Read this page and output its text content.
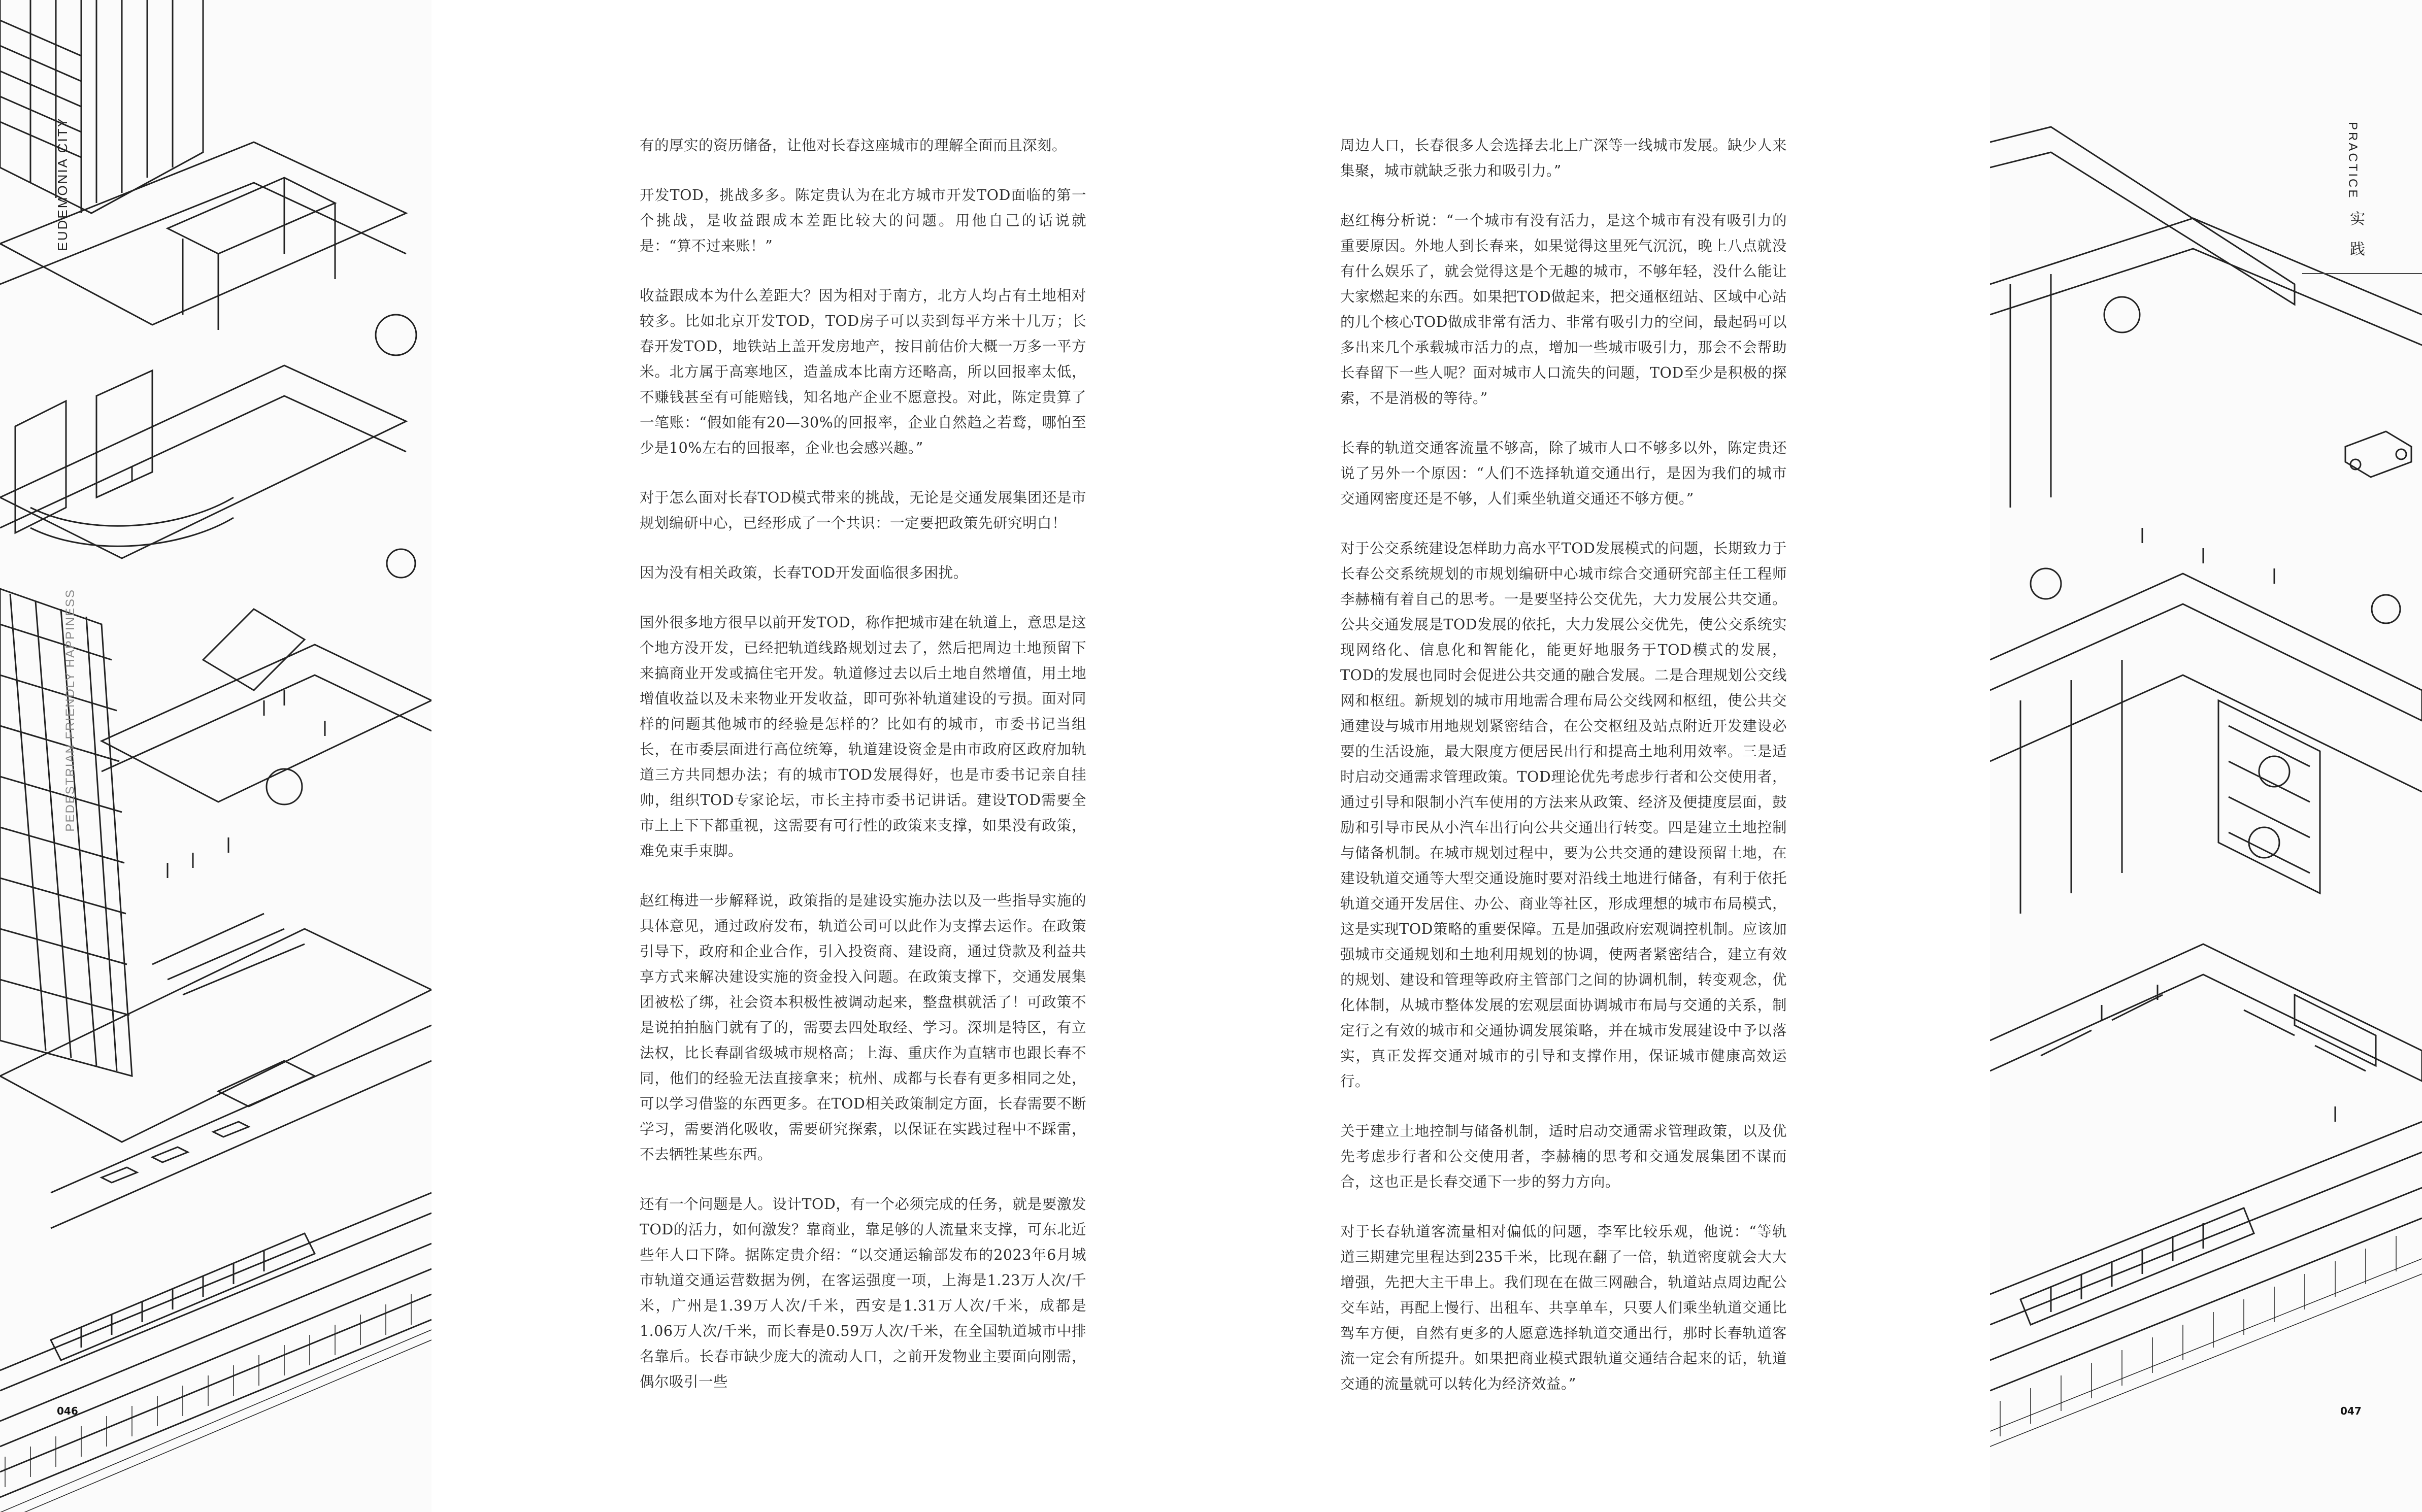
EUDEMONIA CITY
PEDESTRIAN FRIENDLY HAPPINESS
046

有的厚实的资历储备，让他对长春这座城市的理解全面而且深刻。

开发TOD，挑战多多。陈定贵认为在北方城市开发TOD面临的第一个挑战，是收益跟成本差距比较大的问题。用他自己的话说就是：“算不过来账！”

收益跟成本为什么差距大？因为相对于南方，北方人均占有土地相对较多。比如北京开发TOD，TOD房子可以卖到每平方米十几万；长春开发TOD，地铁站上盖开发房地产，按目前估价大概一万多一平方米。北方属于高寒地区，造盖成本比南方还略高，所以回报率太低，不赚钱甚至有可能赔钱，知名地产企业不愿意投。对此，陈定贵算了一笔账：“假如能有20—30%的回报率，企业自然趋之若鹜，哪怕至少是10%左右的回报率，企业也会感兴趣。”

对于怎么面对长春TOD模式带来的挑战，无论是交通发展集团还是市规划编研中心，已经形成了一个共识：一定要把政策先研究明白！

因为没有相关政策，长春TOD开发面临很多困扰。

国外很多地方很早以前开发TOD，称作把城市建在轨道上，意思是这个地方没开发，已经把轨道线路规划过去了，然后把周边土地预留下来搞商业开发或搞住宅开发。轨道修过去以后土地自然增值，用土地增值收益以及未来物业开发收益，即可弥补轨道建设的亏损。面对同样的问题其他城市的经验是怎样的？比如有的城市，市委书记当组长，在市委层面进行高位统筹，轨道建设资金是由市政府区政府加轨道三方共同想办法；有的城市TOD发展得好，也是市委书记亲自挂帅，组织TOD专家论坛，市长主持市委书记讲话。建设TOD需要全市上上下下都重视，这需要有可行性的政策来支撑，如果没有政策，难免束手束脚。

赵红梅进一步解释说，政策指的是建设实施办法以及一些指导实施的具体意见，通过政府发布，轨道公司可以此作为支撑去运作。在政策引导下，政府和企业合作，引入投资商、建设商，通过贷款及利益共享方式来解决建设实施的资金投入问题。在政策支撑下，交通发展集团被松了绑，社会资本积极性被调动起来，整盘棋就活了！可政策不是说拍拍脑门就有了的，需要去四处取经、学习。深圳是特区，有立法权，比长春副省级城市规格高；上海、重庆作为直辖市也跟长春不同，他们的经验无法直接拿来；杭州、成都与长春有更多相同之处，可以学习借鉴的东西更多。在TOD相关政策制定方面，长春需要不断学习，需要消化吸收，需要研究探索，以保证在实践过程中不踩雷，不去牺牲某些东西。

还有一个问题是人。设计TOD，有一个必须完成的任务，就是要激发TOD的活力，如何激发？靠商业，靠足够的人流量来支撑，可东北近些年人口下降。据陈定贵介绍：“以交通运输部发布的2023年6月城市轨道交通运营数据为例，在客运强度一项，上海是1.23万人次/千米，广州是1.39万人次/千米，西安是1.31万人次/千米，成都是1.06万人次/千米，而长春是0.59万人次/千米，在全国轨道城市中排名靠后。长春市缺少庞大的流动人口，之前开发物业主要面向刚需，偶尔吸引一些

周边人口，长春很多人会选择去北上广深等一线城市发展。缺少人来集聚，城市就缺乏张力和吸引力。”

赵红梅分析说：“一个城市有没有活力，是这个城市有没有吸引力的重要原因。外地人到长春来，如果觉得这里死气沉沉，晚上八点就没有什么娱乐了，就会觉得这是个无趣的城市，不够年轻，没什么能让大家燃起来的东西。如果把TOD做起来，把交通枢纽站、区域中心站的几个核心TOD做成非常有活力、非常有吸引力的空间，最起码可以多出来几个承载城市活力的点，增加一些城市吸引力，那会不会帮助长春留下一些人呢？面对城市人口流失的问题，TOD至少是积极的探索，不是消极的等待。”

长春的轨道交通客流量不够高，除了城市人口不够多以外，陈定贵还说了另外一个原因：“人们不选择轨道交通出行，是因为我们的城市交通网密度还是不够，人们乘坐轨道交通还不够方便。”

对于公交系统建设怎样助力高水平TOD发展模式的问题，长期致力于长春公交系统规划的市规划编研中心城市综合交通研究部主任工程师李赫楠有着自己的思考。一是要坚持公交优先，大力发展公共交通。公共交通发展是TOD发展的依托，大力发展公交优先，使公交系统实现网络化、信息化和智能化，能更好地服务于TOD模式的发展，TOD的发展也同时会促进公共交通的融合发展。二是合理规划公交线网和枢纽。新规划的城市用地需合理布局公交线网和枢纽，使公共交通建设与城市用地规划紧密结合，在公交枢纽及站点附近开发建设必要的生活设施，最大限度方便居民出行和提高土地利用效率。三是适时启动交通需求管理政策。TOD理论优先考虑步行者和公交使用者，通过引导和限制小汽车使用的方法来从政策、经济及便捷度层面，鼓励和引导市民从小汽车出行向公共交通出行转变。四是建立土地控制与储备机制。在城市规划过程中，要为公共交通的建设预留土地，在建设轨道交通等大型交通设施时要对沿线土地进行储备，有利于依托轨道交通开发居住、办公、商业等社区，形成理想的城市布局模式，这是实现TOD策略的重要保障。五是加强政府宏观调控机制。应该加强城市交通规划和土地利用规划的协调，使两者紧密结合，建立有效的规划、建设和管理等政府主管部门之间的协调机制，转变观念，优化体制，从城市整体发展的宏观层面协调城市布局与交通的关系，制定行之有效的城市和交通协调发展策略，并在城市发展建设中予以落实，真正发挥交通对城市的引导和支撑作用，保证城市健康高效运行。

关于建立土地控制与储备机制，适时启动交通需求管理政策，以及优先考虑步行者和公交使用者，李赫楠的思考和交通发展集团不谋而合，这也正是长春交通下一步的努力方向。

对于长春轨道客流量相对偏低的问题，李军比较乐观，他说：“等轨道三期建完里程达到235千米，比现在翻了一倍，轨道密度就会大大增强，先把大主干串上。我们现在在做三网融合，轨道站点周边配公交车站，再配上慢行、出租车、共享单车，只要人们乘坐轨道交通比驾车方便，自然有更多的人愿意选择轨道交通出行，那时长春轨道客流一定会有所提升。如果把商业模式跟轨道交通结合起来的话，轨道交通的流量就可以转化为经济效益。”

PRACTICE
实 践
047
